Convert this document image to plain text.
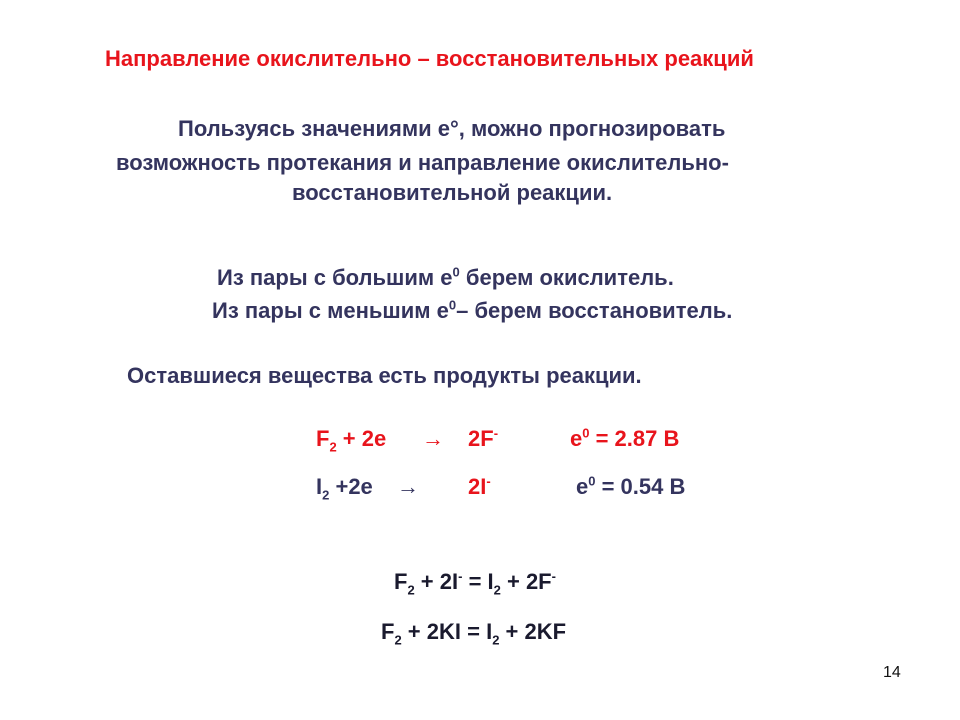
Направление окислительно – восстановительных реакций
Пользуясь значениями е°, можно прогнозировать
возможность протекания и направление окислительно-
восстановительной реакции.
Из пары с большим $е^0$ берем окислитель.
Из пары с меньшим $е^0-$ берем восстановитель.
Оставшиеся вещества есть продукты реакции.
$F_2 + 2e \to 2F^-$	$e^0 = 2.87$ В
$I_2 +2e \to 2I^-$	$e^0 = 0.54$ В
$F_2 + 2I^- = I_2 + 2F^-$
$F_2 + 2KI = I_2 + 2KF$
14
